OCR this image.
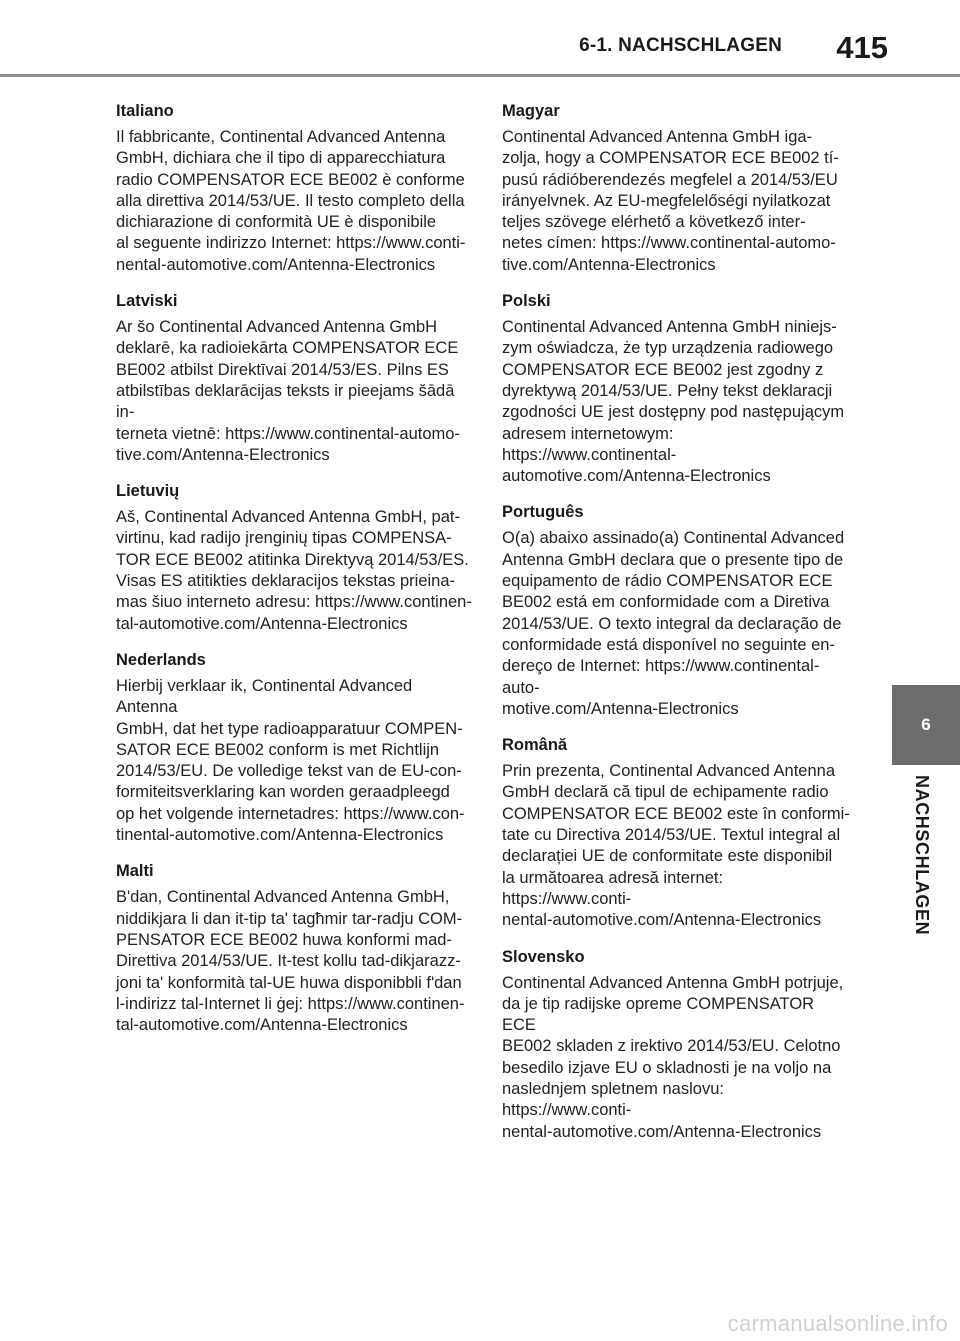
6-1. NACHSCHLAGEN 415
Italiano

Il fabbricante, Continental Advanced Antenna
GmbH, dichiara che il tipo di apparecchiatura
radio COMPENSATOR ECE BE002 è conforme
alla direttiva 2014/53/UE. Il testo completo della
dichiarazione di conformità UE è disponibile
al seguente indirizzo Internet: https://www.conti-
nental-automotive.com/Antenna-Electronics

Latviski

Ar šo Continental Advanced Antenna GmbH
deklarē, ka radioiekārta COMPENSATOR ECE
BE002 atbilst Direktīvai 2014/53/ES. Pilns ES
atbilstības deklarācijas teksts ir pieejams šādā in-
terneta vietnē: https://www.continental-automo-
tive.com/Antenna-Electronics

Lietuvių

Aš, Continental Advanced Antenna GmbH, pat-
virtinu, kad radijo įrenginių tipas COMPENSA-
TOR ECE BE002 atitinka Direktyvą 2014/53/ES.
Visas ES atitikties deklaracijos tekstas prieina-
mas šiuo interneto adresu: https://www.continen-
tal-automotive.com/Antenna-Electronics

Nederlands

Hierbij verklaar ik, Continental Advanced Antenna
GmbH, dat het type radioapparatuur COMPEN-
SATOR ECE BE002 conform is met Richtlijn
2014/53/EU. De volledige tekst van de EU-con-
formiteitsverklaring kan worden geraadpleegd
op het volgende internetadres: https://www.con-
tinental-automotive.com/Antenna-Electronics

Malti

B'dan, Continental Advanced Antenna GmbH,
niddikjara li dan it-tip ta' tagħmir tar-radju COM-
PENSATOR ECE BE002 huwa konformi mad-
Direttiva 2014/53/UE. It-test kollu tad-dikjarazz-
joni ta' konformità tal-UE huwa disponibbli f'dan
l-indirizz tal-Internet li ġej: https://www.continen-
tal-automotive.com/Antenna-Electronics

Magyar

Continental Advanced Antenna GmbH iga-
zolja, hogy a COMPENSATOR ECE BE002 tí-
pusú rádióberendezés megfelel a 2014/53/EU
irányelvnek. Az EU-megfelelőségi nyilatkozat
teljes szövege elérhető a következő inter-
netes címen: https://www.continental-automo-
tive.com/Antenna-Electronics

Polski

Continental Advanced Antenna GmbH niniejs-
zym oświadcza, że typ urządzenia radiowego
COMPENSATOR ECE BE002 jest zgodny z
dyrektywą 2014/53/UE. Pełny tekst deklaracji
zgodności UE jest dostępny pod następującym
adresem internetowym: https://www.continental-
automotive.com/Antenna-Electronics

Português

O(a) abaixo assinado(a) Continental Advanced
Antenna GmbH declara que o presente tipo de
equipamento de rádio COMPENSATOR ECE
BE002 está em conformidade com a Diretiva
2014/53/UE. O texto integral da declaração de
conformidade está disponível no seguinte en-
dereço de Internet: https://www.continental-auto-
motive.com/Antenna-Electronics

Română

Prin prezenta, Continental Advanced Antenna
GmbH declară că tipul de echipamente radio
COMPENSATOR ECE BE002 este în conformi-
tate cu Directiva 2014/53/UE. Textul integral al
declarației UE de conformitate este disponibil
la următoarea adresă internet: https://www.conti-
nental-automotive.com/Antenna-Electronics

Slovensko

Continental Advanced Antenna GmbH potrjuje,
da je tip radijske opreme COMPENSATOR ECE
BE002 skladen z irektivo 2014/53/EU. Celotno
besedilo izjave EU o skladnosti je na voljo na
naslednjem spletnem naslovu: https://www.conti-
nental-automotive.com/Antenna-Electronics

6
NACHSCHLAGEN
carmanualsonline.info
